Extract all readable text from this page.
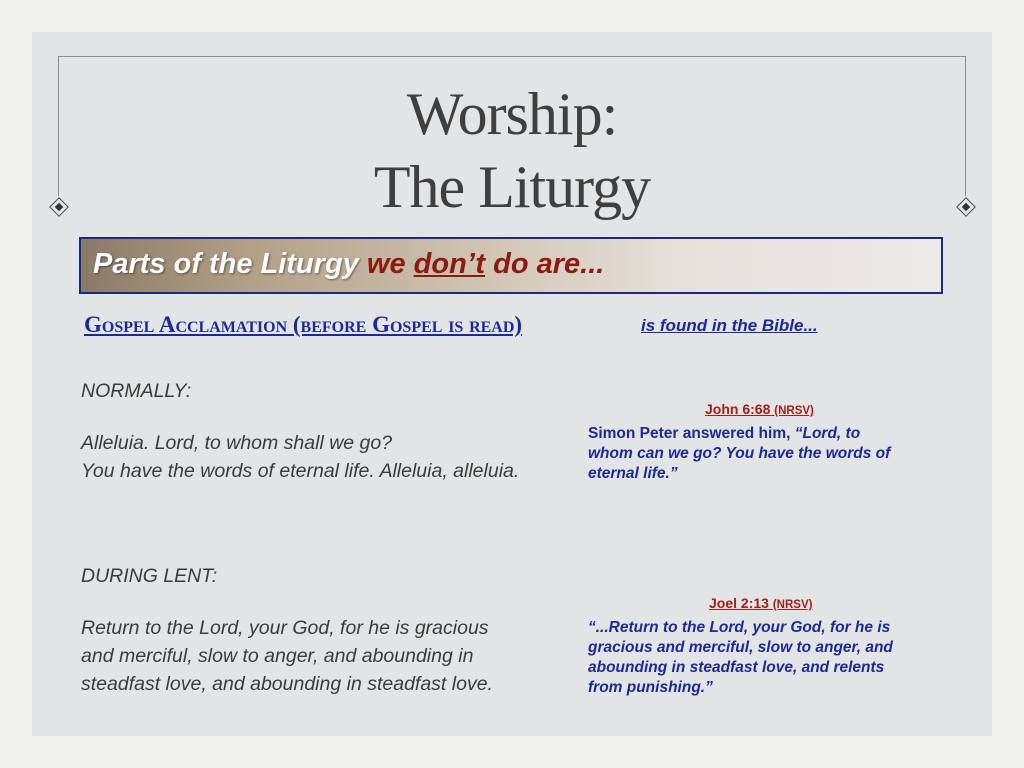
Worship:
The Liturgy
Parts of the Liturgy we don’t do are...
Gospel Acclamation (before Gospel is read)	is found in the Bible...
NORMALLY:
Alleluia. Lord, to whom shall we go?
You have the words of eternal life. Alleluia, alleluia.
DURING LENT:
Return to the Lord, your God, for he is gracious
and merciful, slow to anger, and abounding in
steadfast love, and abounding in steadfast love.
John 6:68 (NRSV)
Simon Peter answered him, “Lord, to
whom can we go? You have the words of
eternal life.”
Joel 2:13 (NRSV)
“...Return to the Lord, your God, for he is
gracious and merciful, slow to anger, and
abounding in steadfast love, and relents
from punishing.”
